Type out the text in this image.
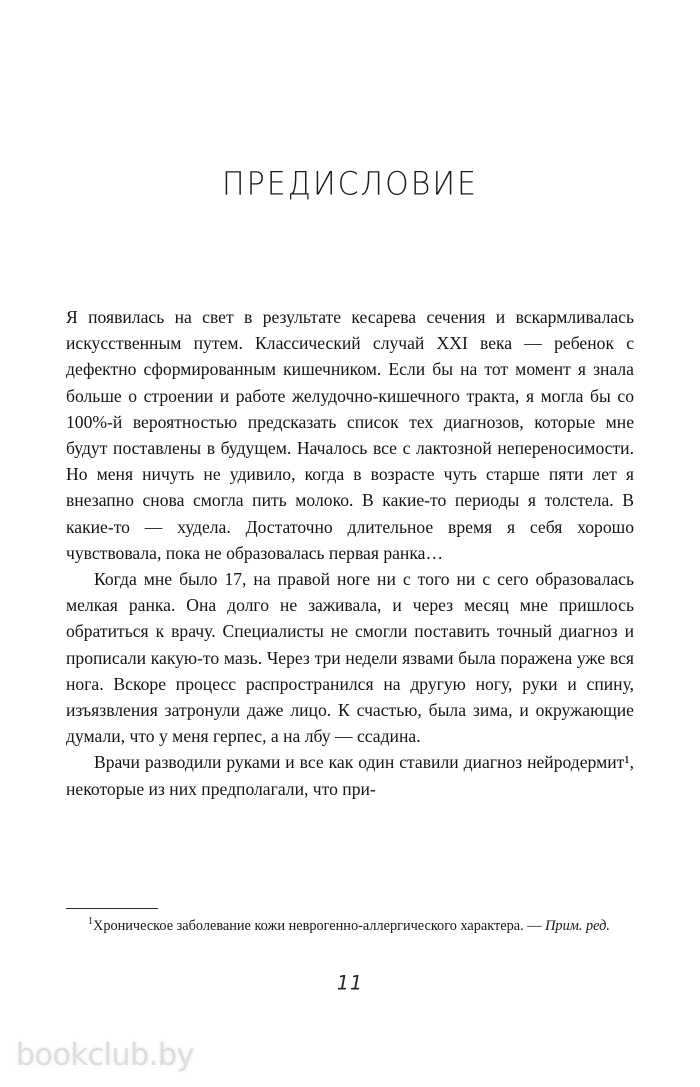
ПРЕДИСЛОВИЕ

Я появилась на свет в результате кесарева сечения и вскармливалась искусственным путем. Классический случай XXI века — ребенок с дефектно сформированным кишечником. Если бы на тот момент я знала больше о строении и работе желудочно-кишечного тракта, я могла бы со 100%-й вероятностью предсказать список тех диагнозов, которые мне будут поставлены в будущем. Началось все с лактозной непереносимости. Но меня ничуть не удивило, когда в возрасте чуть старше пяти лет я внезапно снова смогла пить молоко. В какие-то периоды я толстела. В какие-то — худела. Достаточно длительное время я себя хорошо чувствовала, пока не образовалась первая ранка…

Когда мне было 17, на правой ноге ни с того ни с сего образовалась мелкая ранка. Она долго не заживала, и через месяц мне пришлось обратиться к врачу. Специалисты не смогли поставить точный диагноз и прописали какую-то мазь. Через три недели язвами была поражена уже вся нога. Вскоре процесс распространился на другую ногу, руки и спину, изъязвления затронули даже лицо. К счастью, была зима, и окружающие думали, что у меня герпес, а на лбу — ссадина.

Врачи разводили руками и все как один ставили диагноз нейродермит¹, некоторые из них предполагали, что при-

$^1$Хроническое заболевание кожи неврогенно-аллергического характера. — Прим. ред.

11
bookclub.by
